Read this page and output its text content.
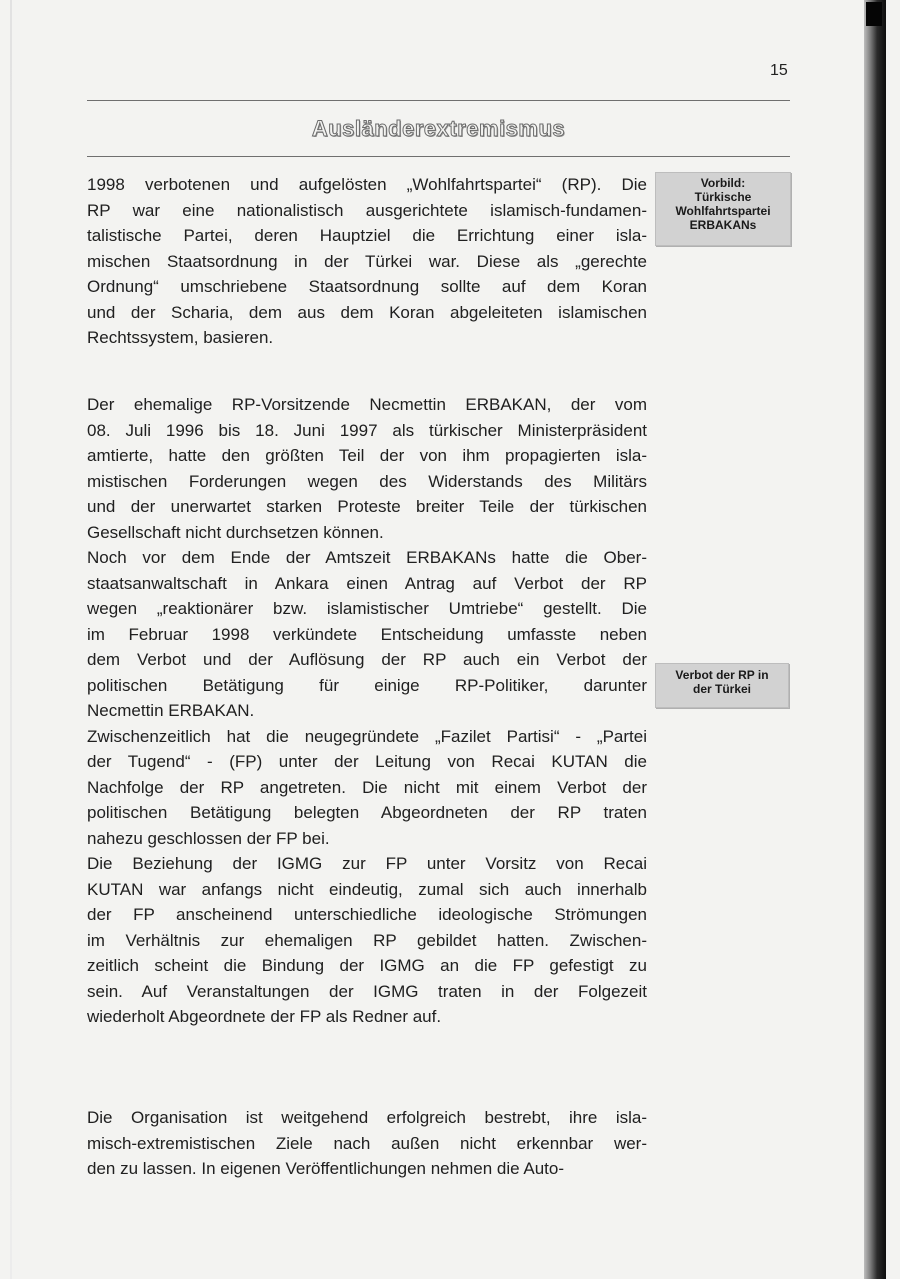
15
Ausländerextremismus
1998 verbotenen und aufgelösten „Wohlfahrtspartei“ (RP). Die
RP war eine nationalistisch ausgerichtete islamisch-fundamen-
talistische Partei, deren Hauptziel die Errichtung einer isla-
mischen Staatsordnung in der Türkei war. Diese als „gerechte
Ordnung“ umschriebene Staatsordnung sollte auf dem Koran
und der Scharia, dem aus dem Koran abgeleiteten islamischen
Rechtssystem, basieren.
Der ehemalige RP-Vorsitzende Necmettin ERBAKAN, der vom
08. Juli 1996 bis 18. Juni 1997 als türkischer Ministerpräsident
amtierte, hatte den größten Teil der von ihm propagierten isla-
mistischen Forderungen wegen des Widerstands des Militärs
und der unerwartet starken Proteste breiter Teile der türkischen
Gesellschaft nicht durchsetzen können.
Noch vor dem Ende der Amtszeit ERBAKANs hatte die Ober-
staatsanwaltschaft in Ankara einen Antrag auf Verbot der RP
wegen „reaktionärer bzw. islamistischer Umtriebe“ gestellt. Die
im Februar 1998 verkündete Entscheidung umfasste neben
dem Verbot und der Auflösung der RP auch ein Verbot der
politischen Betätigung für einige RP-Politiker, darunter
Necmettin ERBAKAN.
Zwischenzeitlich hat die neugegründete „Fazilet Partisi“ - „Partei
der Tugend“ - (FP) unter der Leitung von Recai KUTAN die
Nachfolge der RP angetreten. Die nicht mit einem Verbot der
politischen Betätigung belegten Abgeordneten der RP traten
nahezu geschlossen der FP bei.
Die Beziehung der IGMG zur FP unter Vorsitz von Recai
KUTAN war anfangs nicht eindeutig, zumal sich auch innerhalb
der FP anscheinend unterschiedliche ideologische Strömungen
im Verhältnis zur ehemaligen RP gebildet hatten. Zwischen-
zeitlich scheint die Bindung der IGMG an die FP gefestigt zu
sein. Auf Veranstaltungen der IGMG traten in der Folgezeit
wiederholt Abgeordnete der FP als Redner auf.
Die Organisation ist weitgehend erfolgreich bestrebt, ihre isla-
misch-extremistischen Ziele nach außen nicht erkennbar wer-
den zu lassen. In eigenen Veröffentlichungen nehmen die Auto-
Vorbild:
Türkische
Wohlfahrtspartei
ERBAKANs
Verbot der RP in
der Türkei
